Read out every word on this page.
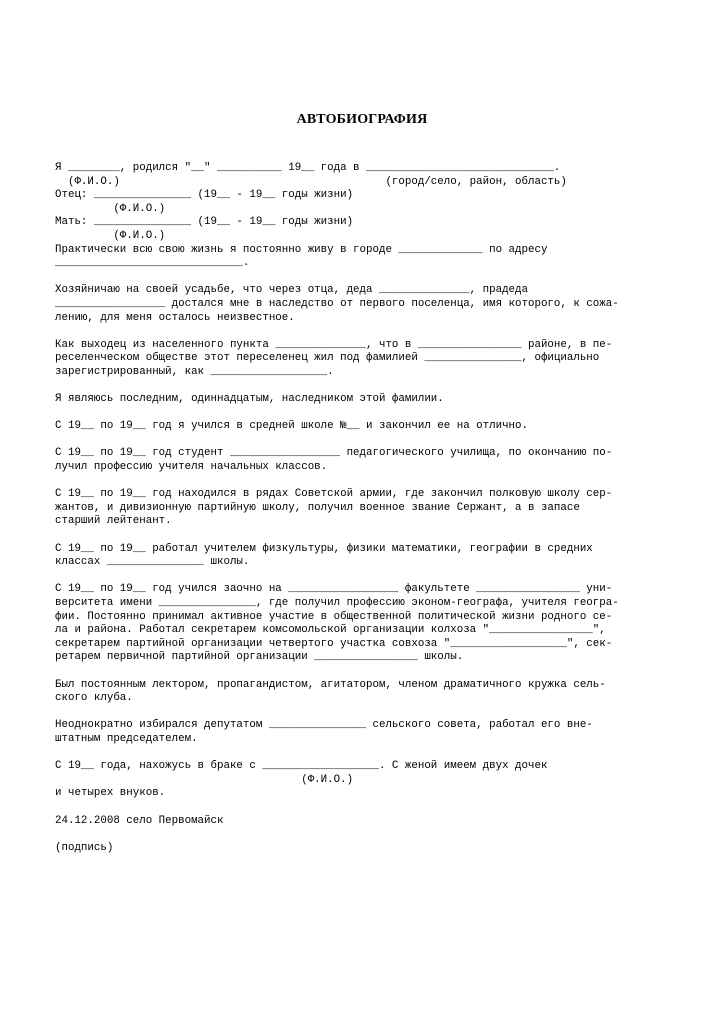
АВТОБИОГРАФИЯ
Я ________, родился "__" __________ 19__ года в _____________________________.
(Ф.И.О.)                                         (город/село, район, область)
Отец: _______________ (19__ - 19__ годы жизни)
(Ф.И.О.)
Мать: _______________ (19__ - 19__ годы жизни)
(Ф.И.О.)
Практически всю свою жизнь я постоянно живу в городе _____________ по адресу
_____________________________.
Хозяйничаю на своей усадьбе, что через отца, деда ______________, прадеда
_________________ достался мне в наследство от первого поселенца, имя которого, к сожа-
лению, для меня осталось неизвестное.
Как выходец из населенного пункта ______________, что в ________________ районе, в пе-
реселенческом обществе этот переселенец жил под фамилией _______________, официально
зарегистрированный, как __________________.
Я являюсь последним, одиннадцатым, наследником этой фамилии.
С 19__ по 19__ год я учился в средней школе №__ и закончил ее на отлично.
С 19__ по 19__ год студент _________________ педагогического училища, по окончанию по-
лучил профессию учителя начальных классов.
С 19__ по 19__ год находился в рядах Советской армии, где закончил полковую школу сер-
жантов, и дивизионную партийную школу, получил военное звание Сержант, а в запасе
старший лейтенант.
С 19__ по 19__ работал учителем физкультуры, физики математики, географии в средних
классах _______________ школы.
С 19__ по 19__ год учился заочно на _________________ факультете ________________ уни-
верситета имени _______________, где получил профессию эконом-географа, учителя геогра-
фии. Постоянно принимал активное участие в общественной политической жизни родного се-
ла и района. Работал секретарем комсомольской организации колхоза "________________",
секретарем партийной организации четвертого участка совхоза "__________________", сек-
ретарем первичной партийной организации ________________ школы.
Был постоянным лектором, пропагандистом, агитатором, членом драматичного кружка сель-
ского клуба.
Неоднократно избирался депутатом _______________ сельского совета, работал его вне-
штатным председателем.
С 19__ года, нахожусь в браке с __________________. С женой имеем двух дочек
(Ф.И.О.)
и четырех внуков.
24.12.2008 село Первомайск
(подпись)
